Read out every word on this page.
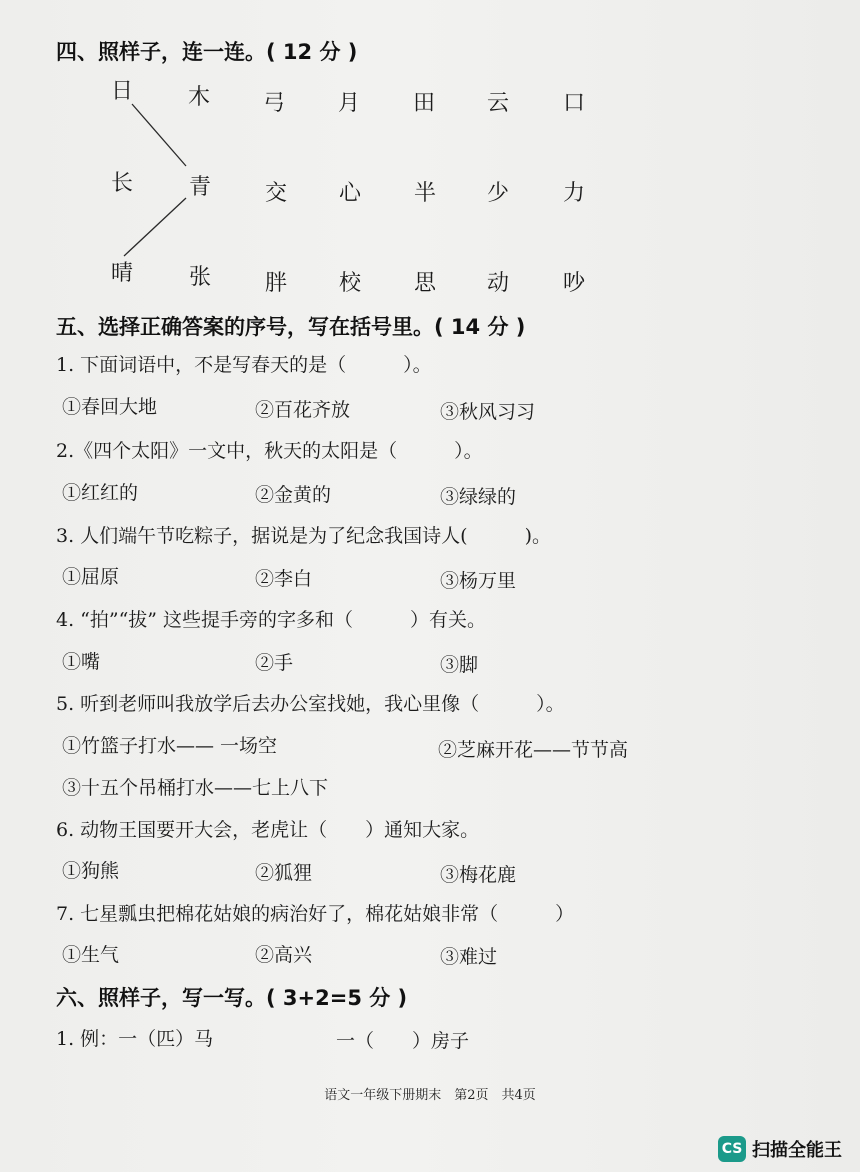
四、照样子，连一连。( 12 分 )
日	木	弓	月	田	云	口
长	青	交	心	半	少	力
晴	张	胖	校	思	动	吵
五、选择正确答案的序号，写在括号里。( 14 分 )
1. 下面词语中，不是写春天的是（　　　）。
①春回大地	②百花齐放	③秋风习习
2.《四个太阳》一文中，秋天的太阳是（　　　）。
①红红的	②金黄的	③绿绿的
3. 人们端午节吃粽子，据说是为了纪念我国诗人(　　　)。
①屈原	②李白	③杨万里
4. “拍”“拔” 这些提手旁的字多和（　　　）有关。
①嘴	②手	③脚
5. 听到老师叫我放学后去办公室找她，我心里像（　　　）。
①竹篮子打水—— 一场空	②芝麻开花——节节高
③十五个吊桶打水——七上八下
6. 动物王国要开大会，老虎让（　　）通知大家。
①狗熊	②狐狸	③梅花鹿
7. 七星瓢虫把棉花姑娘的病治好了，棉花姑娘非常（　　　）
①生气	②高兴	③难过
六、照样子，写一写。( 3+2=5 分 )
1. 例：一（匹）马	一（　　）房子
语文一年级下册期末　第2页　共4页
CS 扫描全能王
